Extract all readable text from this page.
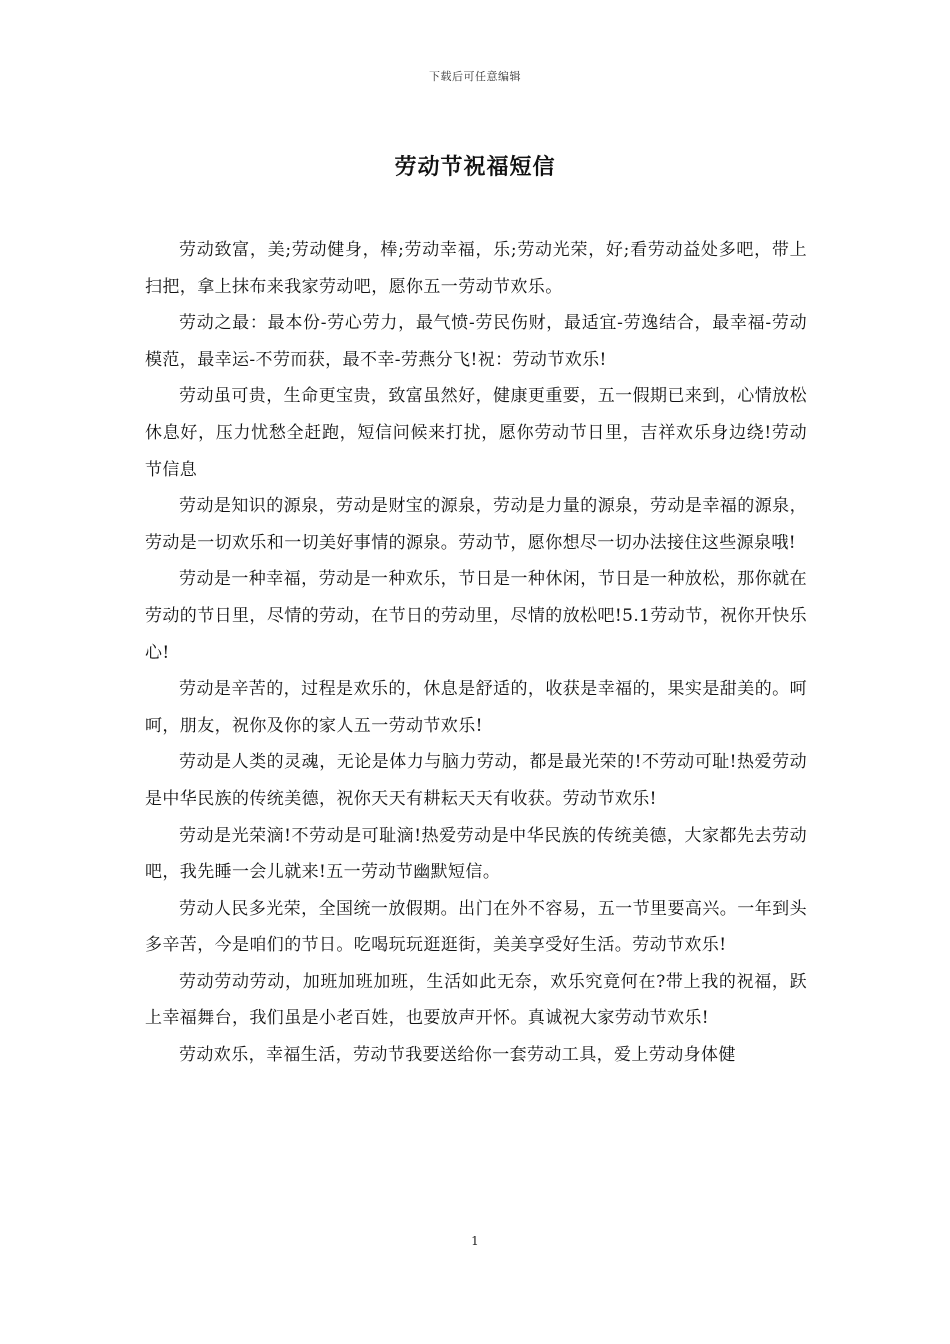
下载后可任意编辑
劳动节祝福短信

劳动致富，美;劳动健身，棒;劳动幸福，乐;劳动光荣，好;看劳动益处多吧，带上扫把，拿上抹布来我家劳动吧，愿你五一劳动节欢乐。

劳动之最：最本份-劳心劳力，最气愤-劳民伤财，最适宜-劳逸结合，最幸福-劳动模范，最幸运-不劳而获，最不幸-劳燕分飞!祝：劳动节欢乐!

劳动虽可贵，生命更宝贵，致富虽然好，健康更重要，五一假期已来到，心情放松休息好，压力忧愁全赶跑，短信问候来打扰，愿你劳动节日里，吉祥欢乐身边绕!劳动节信息

劳动是知识的源泉，劳动是财宝的源泉，劳动是力量的源泉，劳动是幸福的源泉，劳动是一切欢乐和一切美好事情的源泉。劳动节，愿你想尽一切办法接住这些源泉哦!

劳动是一种幸福，劳动是一种欢乐，节日是一种休闲，节日是一种放松，那你就在劳动的节日里，尽情的劳动，在节日的劳动里，尽情的放松吧!5.1劳动节，祝你开快乐心!

劳动是辛苦的，过程是欢乐的，休息是舒适的，收获是幸福的，果实是甜美的。呵呵，朋友，祝你及你的家人五一劳动节欢乐!

劳动是人类的灵魂，无论是体力与脑力劳动，都是最光荣的!不劳动可耻!热爱劳动是中华民族的传统美德，祝你天天有耕耘天天有收获。劳动节欢乐!

劳动是光荣滴!不劳动是可耻滴!热爱劳动是中华民族的传统美德，大家都先去劳动吧，我先睡一会儿就来!五一劳动节幽默短信。

劳动人民多光荣，全国统一放假期。出门在外不容易，五一节里要高兴。一年到头多辛苦，今是咱们的节日。吃喝玩玩逛逛街，美美享受好生活。劳动节欢乐!

劳动劳动劳动，加班加班加班，生活如此无奈，欢乐究竟何在?带上我的祝福，跃上幸福舞台，我们虽是小老百姓，也要放声开怀。真诚祝大家劳动节欢乐!

劳动欢乐，幸福生活，劳动节我要送给你一套劳动工具，爱上劳动身体健

1
